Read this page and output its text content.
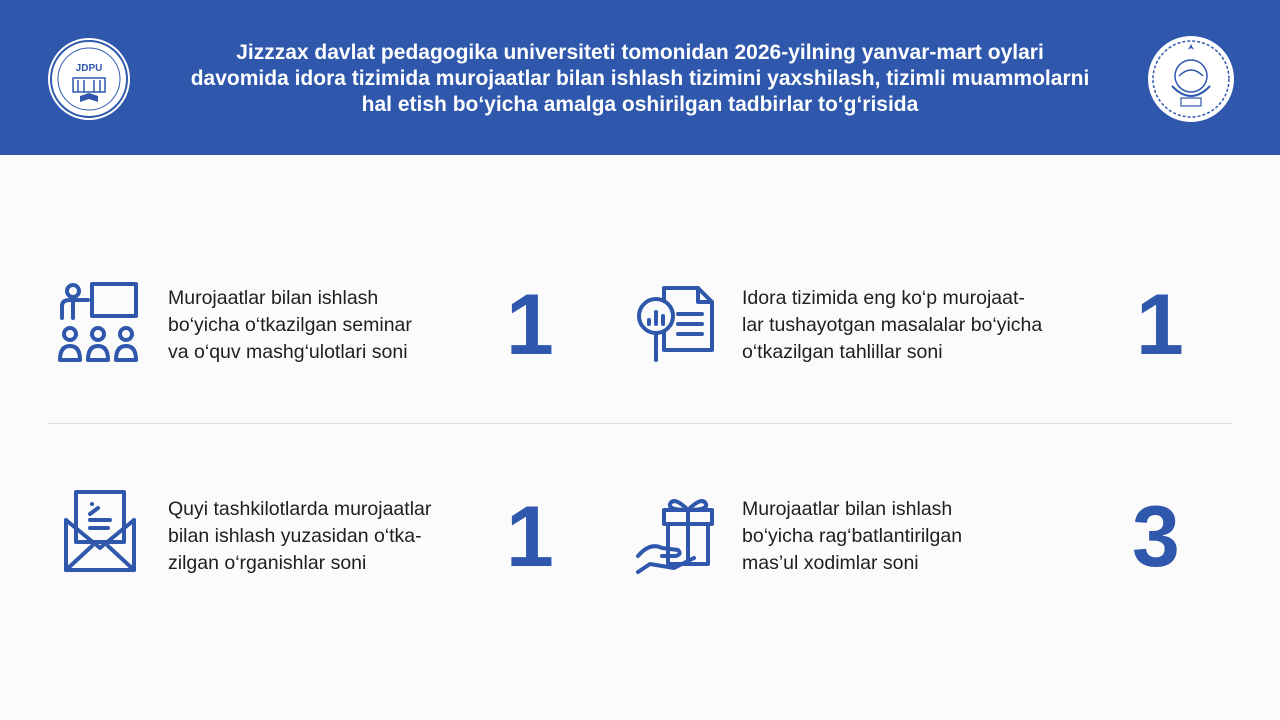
JDPU
Jizzzax davlat pedagogika universiteti tomonidan 2026-yilning yanvar-mart oylari
davomida idora tizimida murojaatlar bilan ishlash tizimini yaxshilash, tizimli muammolarni
hal etish bo‘yicha amalga oshirilgan tadbirlar to‘g‘risida
Murojaatlar bilan ishlash
bo‘yicha o‘tkazilgan seminar
va o‘quv mashg‘ulotlari soni	1	Idora tizimida eng ko‘p murojaat-
lar tushayotgan masalalar bo‘yicha
o‘tkazilgan tahlillar soni	1
Quyi tashkilotlarda murojaatlar
bilan ishlash yuzasidan o‘tka-
zilgan o‘rganishlar soni	1	Murojaatlar bilan ishlash
bo‘yicha rag‘batlantirilgan
mas’ul xodimlar soni	3
